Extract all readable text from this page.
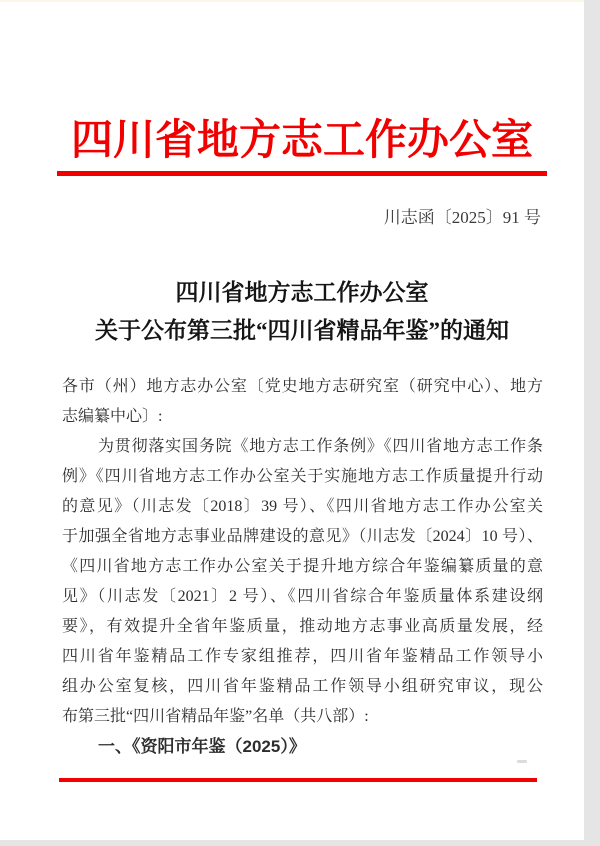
四川省地方志工作办公室
川志函〔2025〕91 号
四川省地方志工作办公室
关于公布第三批“四川省精品年鉴”的通知
各市（州）地方志办公室〔党史地方志研究室（研究中心）、地方
志编纂中心〕:
为贯彻落实国务院《地方志工作条例》《四川省地方志工作条
例》《四川省地方志工作办公室关于实施地方志工作质量提升行动
的意见》（川志发〔2018〕39 号）、《四川省地方志工作办公室关
于加强全省地方志事业品牌建设的意见》（川志发〔2024〕10 号）、
《四川省地方志工作办公室关于提升地方综合年鉴编纂质量的意
见》（川志发〔2021〕2 号）、《四川省综合年鉴质量体系建设纲
要》，有效提升全省年鉴质量，推动地方志事业高质量发展，经
四川省年鉴精品工作专家组推荐，四川省年鉴精品工作领导小
组办公室复核，四川省年鉴精品工作领导小组研究审议，现公
布第三批“四川省精品年鉴”名单（共八部）:
一、《资阳市年鉴（2025）》
